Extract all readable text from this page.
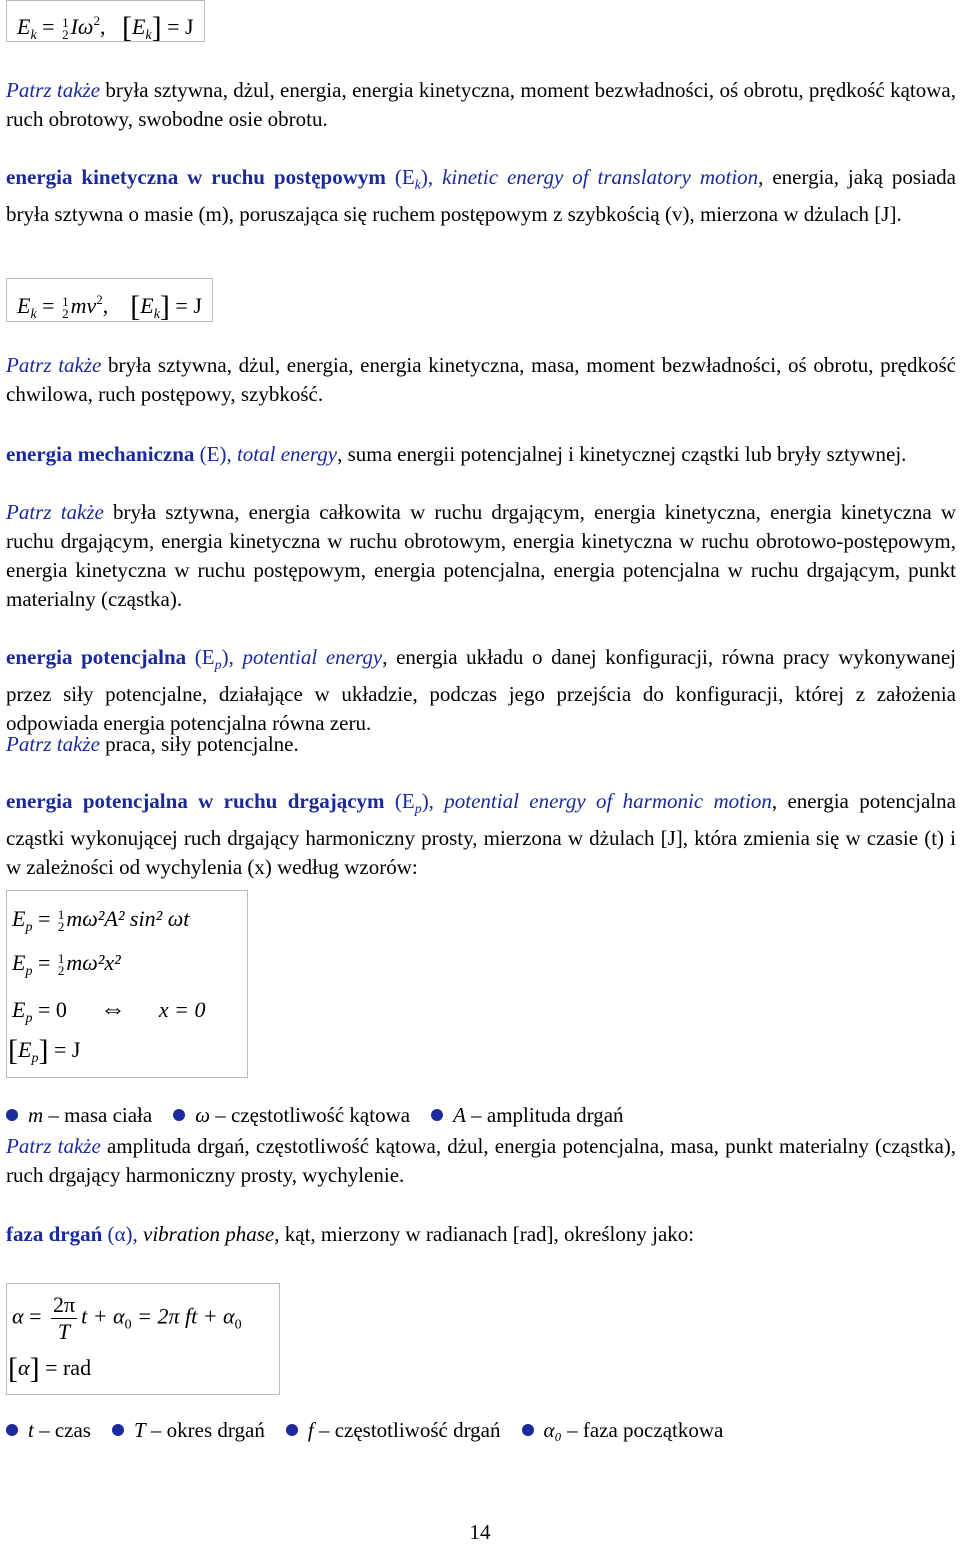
$E_k = 1$
2 $I\omega^2$,   $[E_k] = J$

Patrz także bryła sztywna, dżul, energia, energia kinetyczna, moment bezwładności, oś obrotu, prędkość kątowa, ruch obrotowy, swobodne osie obrotu.

energia kinetyczna w ruchu postępowym $(E_k)$, kinetic energy of translatory motion, energia, jaką posiada bryła sztywna o masie (m), poruszająca się ruchem postępowym z szybkością (v), mierzona w dżulach [J].

$E_k = 1$
2 $mv^2$,    $[E_k] = J$

Patrz także bryła sztywna, dżul, energia, energia kinetyczna, masa, moment bezwładności, oś obrotu, prędkość chwilowa, ruch postępowy, szybkość.

energia mechaniczna (E), total energy, suma energii potencjalnej i kinetycznej cząstki lub bryły sztywnej.

Patrz także bryła sztywna, energia całkowita w ruchu drgającym, energia kinetyczna, energia kinetyczna w ruchu drgającym, energia kinetyczna w ruchu obrotowym, energia kinetyczna w ruchu obrotowo-postępowym, energia kinetyczna w ruchu postępowym, energia potencjalna, energia potencjalna w ruchu drgającym, punkt materialny (cząstka).

energia potencjalna $(E_p)$, potential energy, energia układu o danej konfiguracji, równa pracy wykonywanej przez siły potencjalne, działające w układzie, podczas jego przejścia do konfiguracji, której z założenia odpowiada energia potencjalna równa zeru.

Patrz także praca, siły potencjalne.

energia potencjalna w ruchu drgającym $(E_p)$, potential energy of harmonic motion, energia potencjalna cząstki wykonującej ruch drgający harmoniczny prosty, mierzona w dżulach [J], która zmienia się w czasie (t) i w zależności od wychylenia (x) według wzorów:

$E_p = 1$
2 mω²A² sin² ωt
$E_p = 1$
2 mω²x²
$E_p = 0$ ⇔ x = 0
$[E_p] = J$
m – masa ciała ω – częstotliwość kątowa A – amplituda drgań

Patrz także amplituda drgań, częstotliwość kątowa, dżul, energia potencjalna, masa, punkt materialny (cząstka), ruch drgający harmoniczny prosty, wychylenie.

faza drgań (α), vibration phase, kąt, mierzony w radianach [rad], określony jako:

$\alpha = \frac{2\pi}{T}$ $t + \alpha_0 = 2\pi$ ft + $\alpha_0$
[α] = rad
t – czas T – okres drgań f – częstotliwość drgań α₀ – faza początkowa
14
